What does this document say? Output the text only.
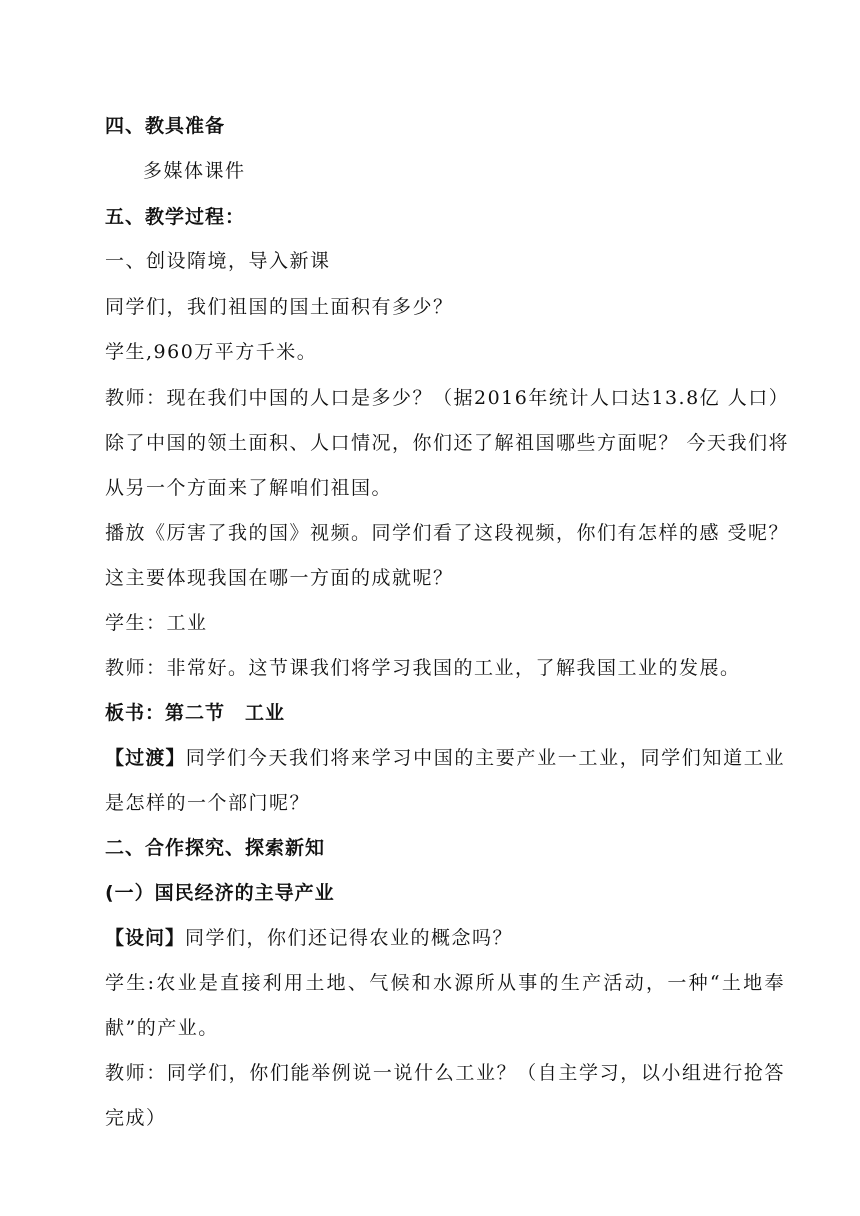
四、教具准备
多媒体课件
五、教学过程：
一、创设隋境，导入新课
同学们，我们祖国的国土面积有多少？
学生,960万平方千米。
教师：现在我们中国的人口是多少？（据2016年统计人口达13.8亿 人口）
除了中国的领土面积、人口情况，你们还了解祖国哪些方面呢？ 今天我们将
从另一个方面来了解咱们祖国。
播放《厉害了我的国》视频。同学们看了这段视频，你们有怎样的感 受呢？
这主要体现我国在哪一方面的成就呢？
学生：工业
教师：非常好。这节课我们将学习我国的工业，了解我国工业的发展。
板书：第二节　工业
【过渡】同学们今天我们将来学习中国的主要产业一工业，同学们知道工业
是怎样的一个部门呢？
二、合作探究、探索新知
(一）国民经济的主导产业
【设问】同学们，你们还记得农业的概念吗？
学生:农业是直接利用土地、气候和水源所从事的生产活动，一种“土地奉
献”的产业。
教师：同学们，你们能举例说一说什么工业？（自主学习，以小组进行抢答
完成）
